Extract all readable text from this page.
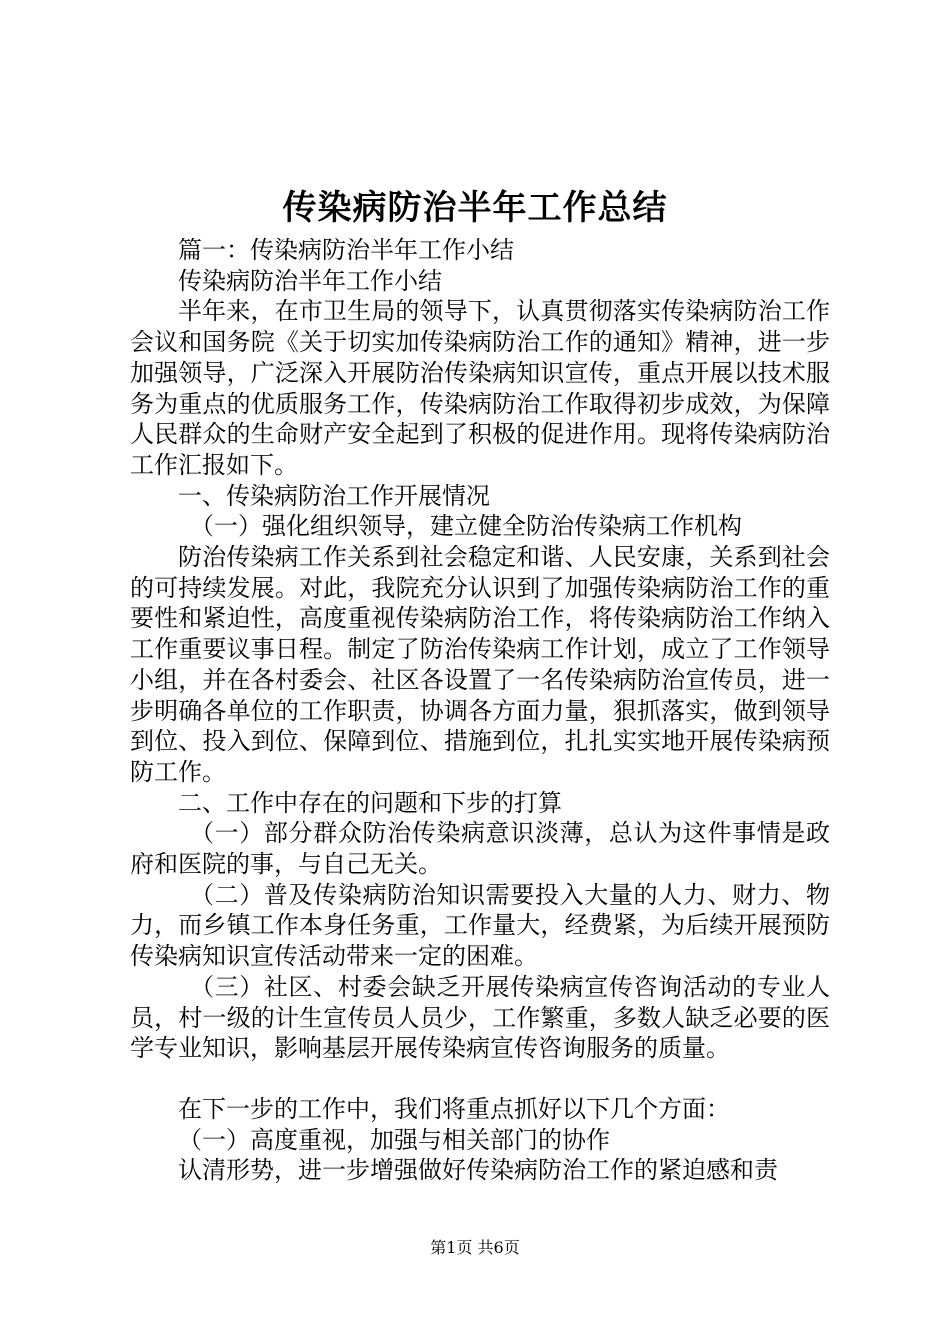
传染病防治半年工作总结

篇一：传染病防治半年工作小结

传染病防治半年工作小结

半年来，在市卫生局的领导下，认真贯彻落实传染病防治工作会议和国务院《关于切实加传染病防治工作的通知》精神，进一步加强领导，广泛深入开展防治传染病知识宣传，重点开展以技术服务为重点的优质服务工作，传染病防治工作取得初步成效，为保障人民群众的生命财产安全起到了积极的促进作用。现将传染病防治工作汇报如下。

一、传染病防治工作开展情况

（一）强化组织领导，建立健全防治传染病工作机构

防治传染病工作关系到社会稳定和谐、人民安康，关系到社会的可持续发展。对此，我院充分认识到了加强传染病防治工作的重要性和紧迫性，高度重视传染病防治工作，将传染病防治工作纳入工作重要议事日程。制定了防治传染病工作计划，成立了工作领导小组，并在各村委会、社区各设置了一名传染病防治宣传员，进一步明确各单位的工作职责，协调各方面力量，狠抓落实，做到领导到位、投入到位、保障到位、措施到位，扎扎实实地开展传染病预防工作。

二、工作中存在的问题和下步的打算

（一）部分群众防治传染病意识淡薄，总认为这件事情是政府和医院的事，与自己无关。

（二）普及传染病防治知识需要投入大量的人力、财力、物力，而乡镇工作本身任务重，工作量大，经费紧，为后续开展预防传染病知识宣传活动带来一定的困难。

（三）社区、村委会缺乏开展传染病宣传咨询活动的专业人员，村一级的计生宣传员人员少，工作繁重，多数人缺乏必要的医学专业知识，影响基层开展传染病宣传咨询服务的质量。

在下一步的工作中，我们将重点抓好以下几个方面：

（一）高度重视，加强与相关部门的协作

认清形势，进一步增强做好传染病防治工作的紧迫感和责

第1页 共6页
